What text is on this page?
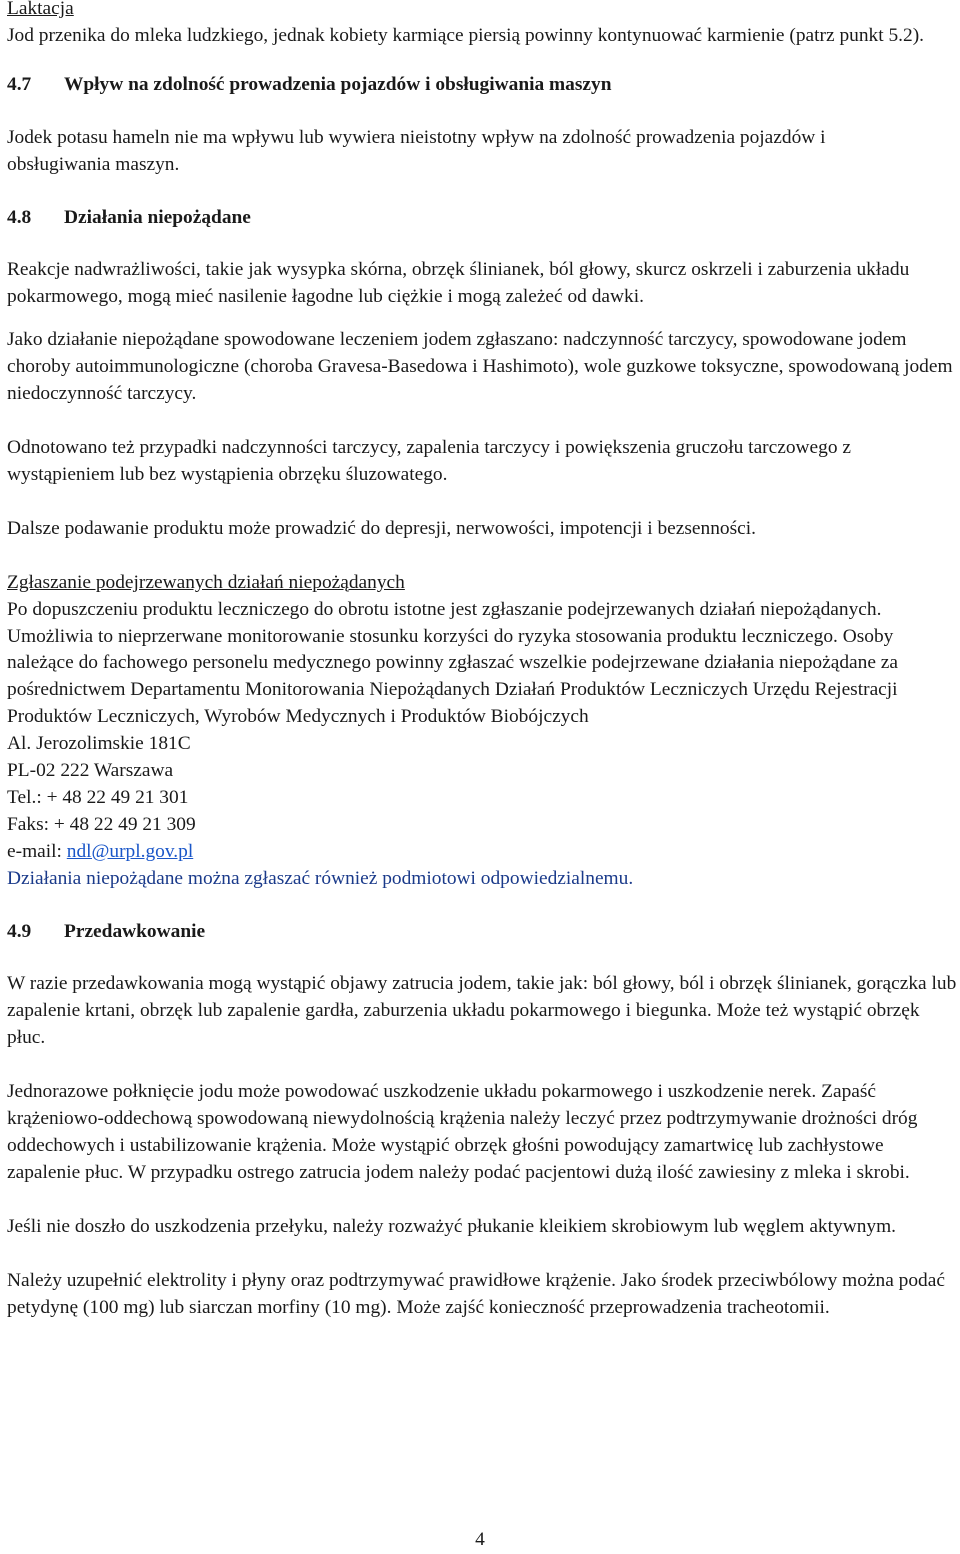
Laktacja

Jod przenika do mleka ludzkiego, jednak kobiety karmiące piersią powinny kontynuować karmienie (patrz punkt 5.2).

4.7	Wpływ na zdolność prowadzenia pojazdów i obsługiwania maszyn

Jodek potasu hameln nie ma wpływu lub wywiera nieistotny wpływ na zdolność prowadzenia pojazdów i obsługiwania maszyn.

4.8	Działania niepożądane

Reakcje nadwrażliwości, takie jak wysypka skórna, obrzęk ślinianek, ból głowy, skurcz oskrzeli i zaburzenia układu pokarmowego, mogą mieć nasilenie łagodne lub ciężkie i mogą zależeć od dawki.

Jako działanie niepożądane spowodowane leczeniem jodem zgłaszano: nadczynność tarczycy, spowodowane jodem choroby autoimmunologiczne (choroba Gravesa-Basedowa i Hashimoto), wole guzkowe toksyczne, spowodowaną jodem niedoczynność tarczycy.

Odnotowano też przypadki nadczynności tarczycy, zapalenia tarczycy i powiększenia gruczołu tarczowego z wystąpieniem lub bez wystąpienia obrzęku śluzowatego.

Dalsze podawanie produktu może prowadzić do depresji, nerwowości, impotencji i bezsenności.

Zgłaszanie podejrzewanych działań niepożądanych

Po dopuszczeniu produktu leczniczego do obrotu istotne jest zgłaszanie podejrzewanych działań niepożądanych. Umożliwia to nieprzerwane monitorowanie stosunku korzyści do ryzyka stosowania produktu leczniczego. Osoby należące do fachowego personelu medycznego powinny zgłaszać wszelkie podejrzewane działania niepożądane za pośrednictwem Departamentu Monitorowania Niepożądanych Działań Produktów Leczniczych Urzędu Rejestracji Produktów Leczniczych, Wyrobów Medycznych i Produktów Biobójczych

Al. Jerozolimskie 181C

PL-02 222 Warszawa

Tel.: + 48 22 49 21 301

Faks: + 48 22 49 21 309

e-mail: ndl@urpl.gov.pl

Działania niepożądane można zgłaszać również podmiotowi odpowiedzialnemu.

4.9	Przedawkowanie

W razie przedawkowania mogą wystąpić objawy zatrucia jodem, takie jak: ból głowy, ból i obrzęk ślinianek, gorączka lub zapalenie krtani, obrzęk lub zapalenie gardła, zaburzenia układu pokarmowego i biegunka. Może też wystąpić obrzęk płuc.

Jednorazowe połknięcie jodu może powodować uszkodzenie układu pokarmowego i uszkodzenie nerek. Zapaść krążeniowo-oddechową spowodowaną niewydolnością krążenia należy leczyć przez podtrzymywanie drożności dróg oddechowych i ustabilizowanie krążenia. Może wystąpić obrzęk głośni powodujący zamartwicę lub zachłystowe zapalenie płuc. W przypadku ostrego zatrucia jodem należy podać pacjentowi dużą ilość zawiesiny z mleka i skrobi.

Jeśli nie doszło do uszkodzenia przełyku, należy rozważyć płukanie kleikiem skrobiowym lub węglem aktywnym.

Należy uzupełnić elektrolity i płyny oraz podtrzymywać prawidłowe krążenie. Jako środek przeciwbólowy można podać petydynę (100 mg) lub siarczan morfiny (10 mg). Może zajść konieczność przeprowadzenia tracheotomii.

4
